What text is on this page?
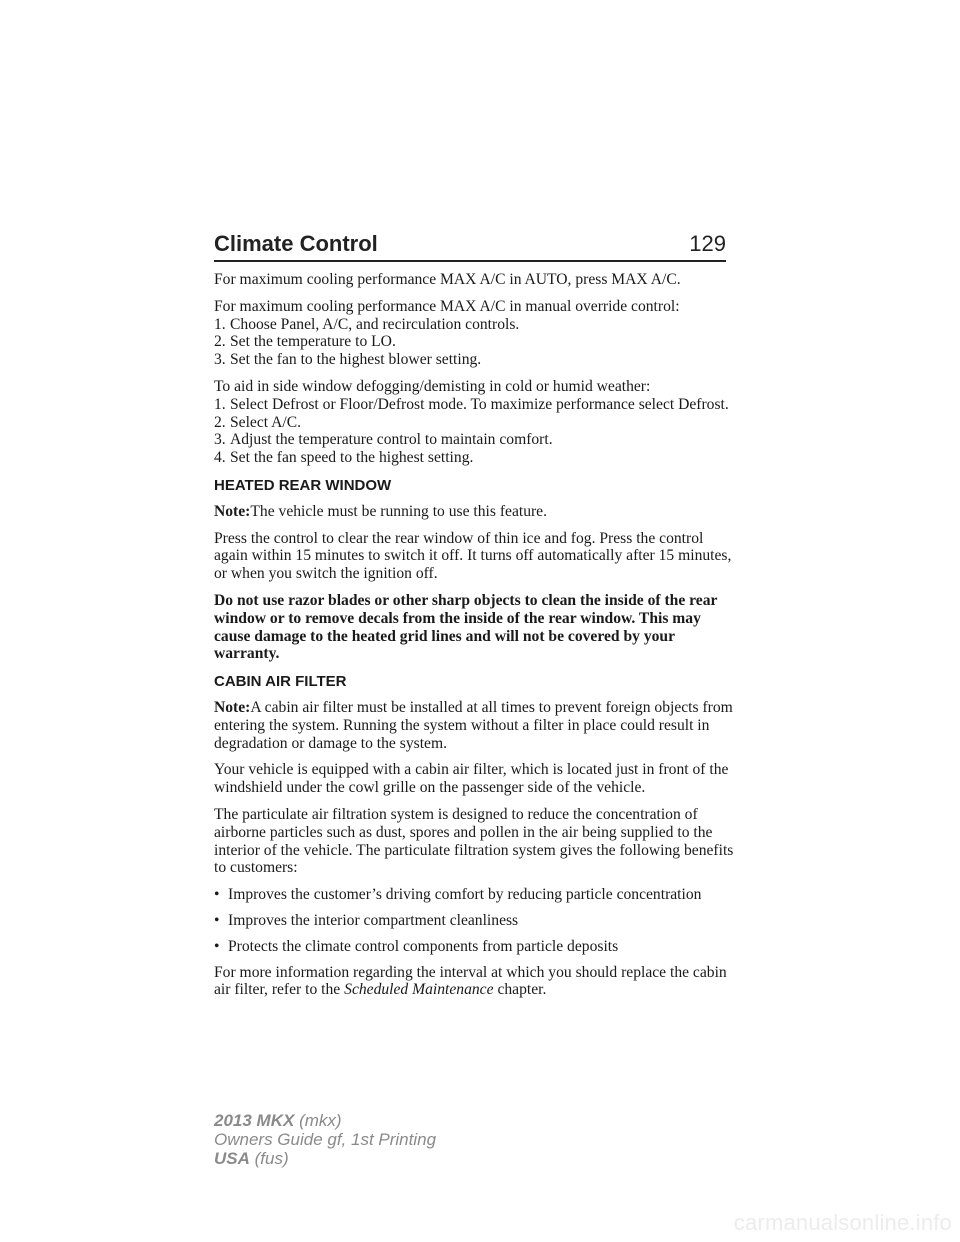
Climate Control	129
For maximum cooling performance MAX A/C in AUTO, press MAX A/C.

For maximum cooling performance MAX A/C in manual override control:

1. Choose Panel, A/C, and recirculation controls.
2. Set the temperature to LO.
3. Set the fan to the highest blower setting.

To aid in side window defogging/demisting in cold or humid weather:

1. Select Defrost or Floor/Defrost mode. To maximize performance select Defrost.
2. Select A/C.
3. Adjust the temperature control to maintain comfort.
4. Set the fan speed to the highest setting.
HEATED REAR WINDOW
Note:The vehicle must be running to use this feature.
Press the control to clear the rear window of thin ice and fog. Press the control again within 15 minutes to switch it off. It turns off automatically after 15 minutes, or when you switch the ignition off.
Do not use razor blades or other sharp objects to clean the inside of the rear window or to remove decals from the inside of the rear window. This may cause damage to the heated grid lines and will not be covered by your warranty.
CABIN AIR FILTER
Note:A cabin air filter must be installed at all times to prevent foreign objects from entering the system. Running the system without a filter in place could result in degradation or damage to the system.
Your vehicle is equipped with a cabin air filter, which is located just in front of the windshield under the cowl grille on the passenger side of the vehicle.
The particulate air filtration system is designed to reduce the concentration of airborne particles such as dust, spores and pollen in the air being supplied to the interior of the vehicle. The particulate filtration system gives the following benefits to customers:
• Improves the customer’s driving comfort by reducing particle concentration
• Improves the interior compartment cleanliness
• Protects the climate control components from particle deposits
For more information regarding the interval at which you should replace the cabin air filter, refer to the Scheduled Maintenance chapter.
2013 MKX (mkx)
Owners Guide gf, 1st Printing
USA (fus)
carmanualsonline.info
